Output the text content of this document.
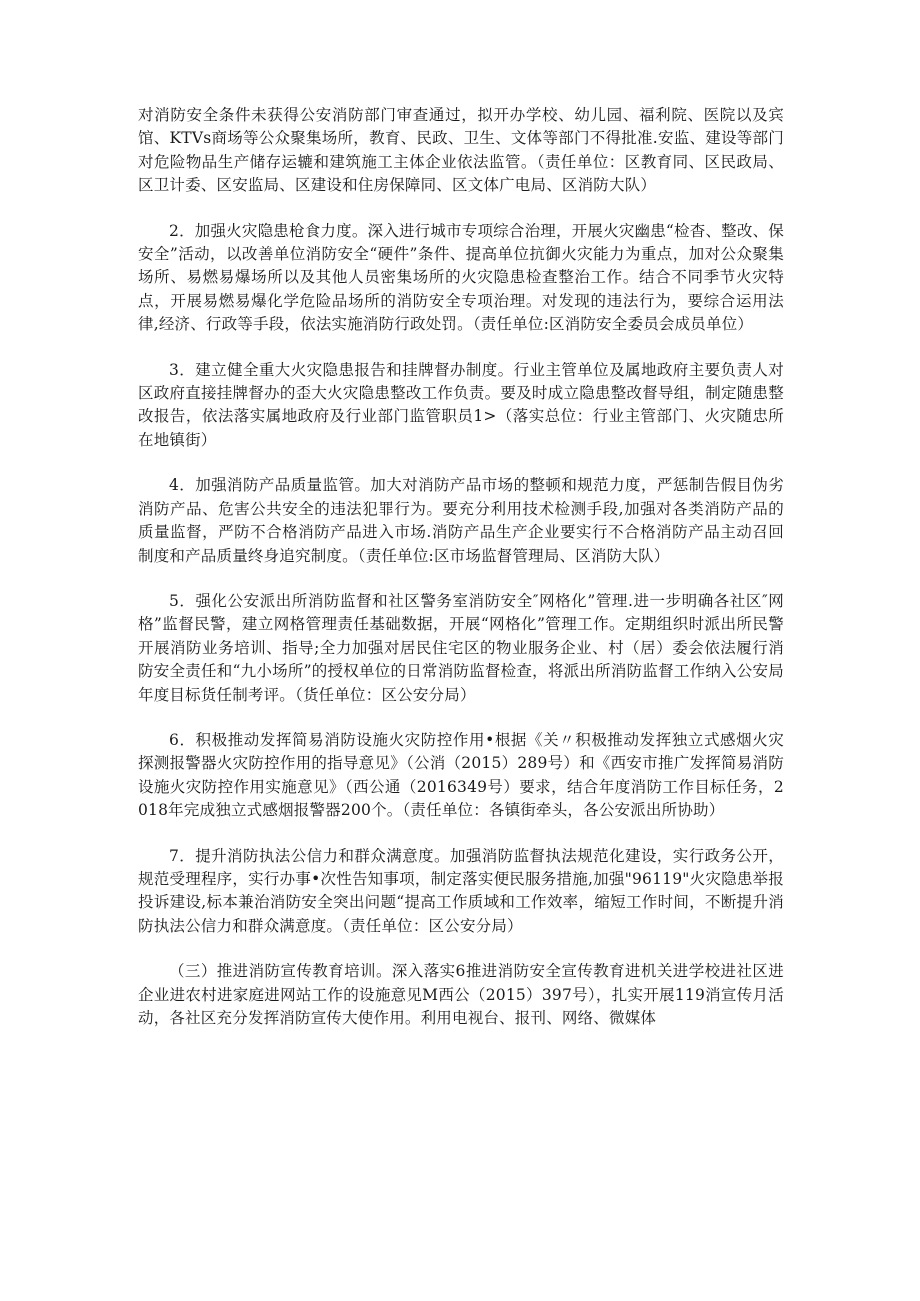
对消防安全条件未获得公安消防部门审查通过，拟开办学校、幼儿园、福利院、医院以及宾馆、KTVs商场等公众聚集场所，教育、民政、卫生、文体等部门不得批准.安监、建设等部门对危险物品生产储存运辘和建筑施工主体企业依法监管。（责任单位：区教育同、区民政局、区卫计委、区安监局、区建设和住房保障同、区文体广电局、区消防大队）

2．加强火灾隐患枪食力度。深入进行城市专项综合治理，开展火灾幽患“检杳、整改、保安全”活动，以改善单位消防安全“硬件”条件、提高单位抗御火灾能力为重点，加对公众聚集场所、易燃易爆场所以及其他人员密集场所的火灾隐患检查整治工作。结合不同季节火灾特点，开展易燃易爆化学危险品场所的消防安全专项治理。对发现的违法行为，要综合运用法律,经济、行政等手段，依法实施消防行政处罚。（责任单位:区消防安全委员会成员单位）

3．建立健全重大火灾隐患报告和挂牌督办制度。行业主管单位及属地政府主要负责人对区政府直接挂牌督办的歪大火灾隐患整改工作负责。要及时成立隐患整改督导组，制定随患整改报告，依法落实属地政府及行业部门监管职员1>（落实总位：行业主管部门、火灾随忠所在地镇街）

4．加强消防产品质量监管。加大对消防产品市场的整顿和规范力度，严惩制告假目伪劣消防产品、危害公共安全的违法犯罪行为。要充分利用技术检测手段,加强对各类消防产品的质量监督，严防不合格消防产品进入市场.消防产品生产企业要实行不合格消防产品主动召回制度和产品质量终身追究制度。（责任单位:区市场监督管理局、区消防大队）

5．强化公安派出所消防监督和社区警务室消防安全″网格化”管理.进一步明确各社区″网格”监督民警，建立网格管理责任基础数据，开展“网格化”管理工作。定期组织时派出所民警开展消防业务培训、指导;全力加强对居民住宅区的物业服务企业、村（居）委会依法履行消防安全责任和“九小场所”的授权单位的日常消防监督检查，将派出所消防监督工作纳入公安局年度目标货任制考评。（货任单位：区公安分局）

6．积极推动发挥简易消防设施火灾防控作用•根据《关〃积极推动发挥独立式感烟火灾探测报警器火灾防控作用的指导意见》（公消（2015）289号）和《西安市推广发挥简易消防设施火灾防控作用实施意见》（西公通（2016349号）要求，结合年度消防工作目标任务，2018年完成独立式感烟报警器200个。（责任单位：各镇街牵头，各公安派出所协助）

7．提升消防执法公信力和群众满意度。加强消防监督执法规范化建设，实行政务公开，规范受理程序，实行办事•次性告知事项，制定落实便民服务措施,加强"96119"火灾隐患举报投诉建设,标本兼治消防安全突出问题“提高工作质域和工作效率，缩短工作时间，不断提升消防执法公信力和群众满意度。（责任单位：区公安分局）

（三）推进消防宣传教育培训。深入落实6推进消防安全宣传教育进机关进学校进社区进企业进农村进家庭进网站工作的设施意见M西公（2015）397号），扎实开展119消宣传月活动，各社区充分发挥消防宣传大使作用。利用电视台、报刊、网络、微媒体
